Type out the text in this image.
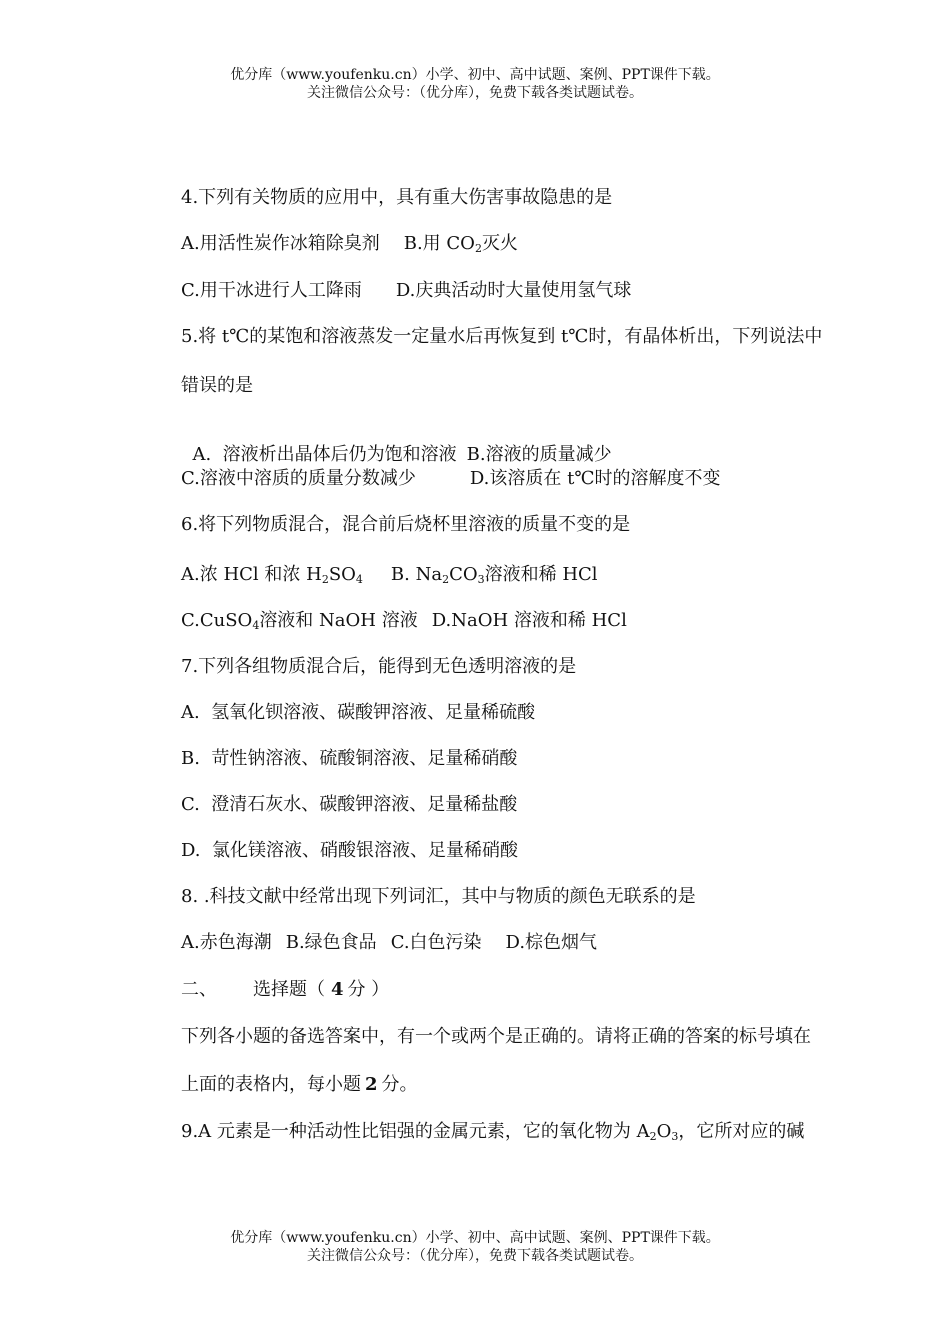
优分库（www.youfenku.cn）小学、初中、高中试题、案例、PPT课件下载。
关注微信公众号：（优分库），免费下载各类试题试卷。
4.下列有关物质的应用中，具有重大伤害事故隐患的是
A.用活性炭作冰箱除臭剂 B.用 $CO_2$灭火
C.用干冰进行人工降雨 D.庆典活动时大量使用氢气球
5.将 t℃的某饱和溶液蒸发一定量水后再恢复到 t℃时，有晶体析出，下列说法中
错误的是

A.  溶液析出晶体后仍为饱和溶液 B.溶液的质量减少

C.溶液中溶质的质量分数减少	D.该溶质在 t℃时的溶解度不变
6.将下列物质混合，混合前后烧杯里溶液的质量不变的是
A.浓 HCl 和浓 $H_2SO_4$ B. $Na_2CO_3$溶液和稀 HCl
C.CuSO$_4$溶液和 NaOH 溶液 D.NaOH 溶液和稀 HCl
7.下列各组物质混合后，能得到无色透明溶液的是
A.  氢氧化钡溶液、碳酸钾溶液、足量稀硫酸
B.  苛性钠溶液、硫酸铜溶液、足量稀硝酸
C.  澄清石灰水、碳酸钾溶液、足量稀盐酸
D.  氯化镁溶液、硝酸银溶液、足量稀硝酸
8. .科技文献中经常出现下列词汇，其中与物质的颜色无联系的是
A.赤色海潮 B.绿色食品 C.白色污染 D.棕色烟气
二、 选择题（ 4 分 ）
下列各小题的备选答案中，有一个或两个是正确的。请将正确的答案的标号填在
上面的表格内，每小题 2 分。
9.A 元素是一种活动性比铝强的金属元素，它的氧化物为 $A_2O_3$，它所对应的碱
优分库（www.youfenku.cn）小学、初中、高中试题、案例、PPT课件下载。
关注微信公众号：（优分库），免费下载各类试题试卷。
